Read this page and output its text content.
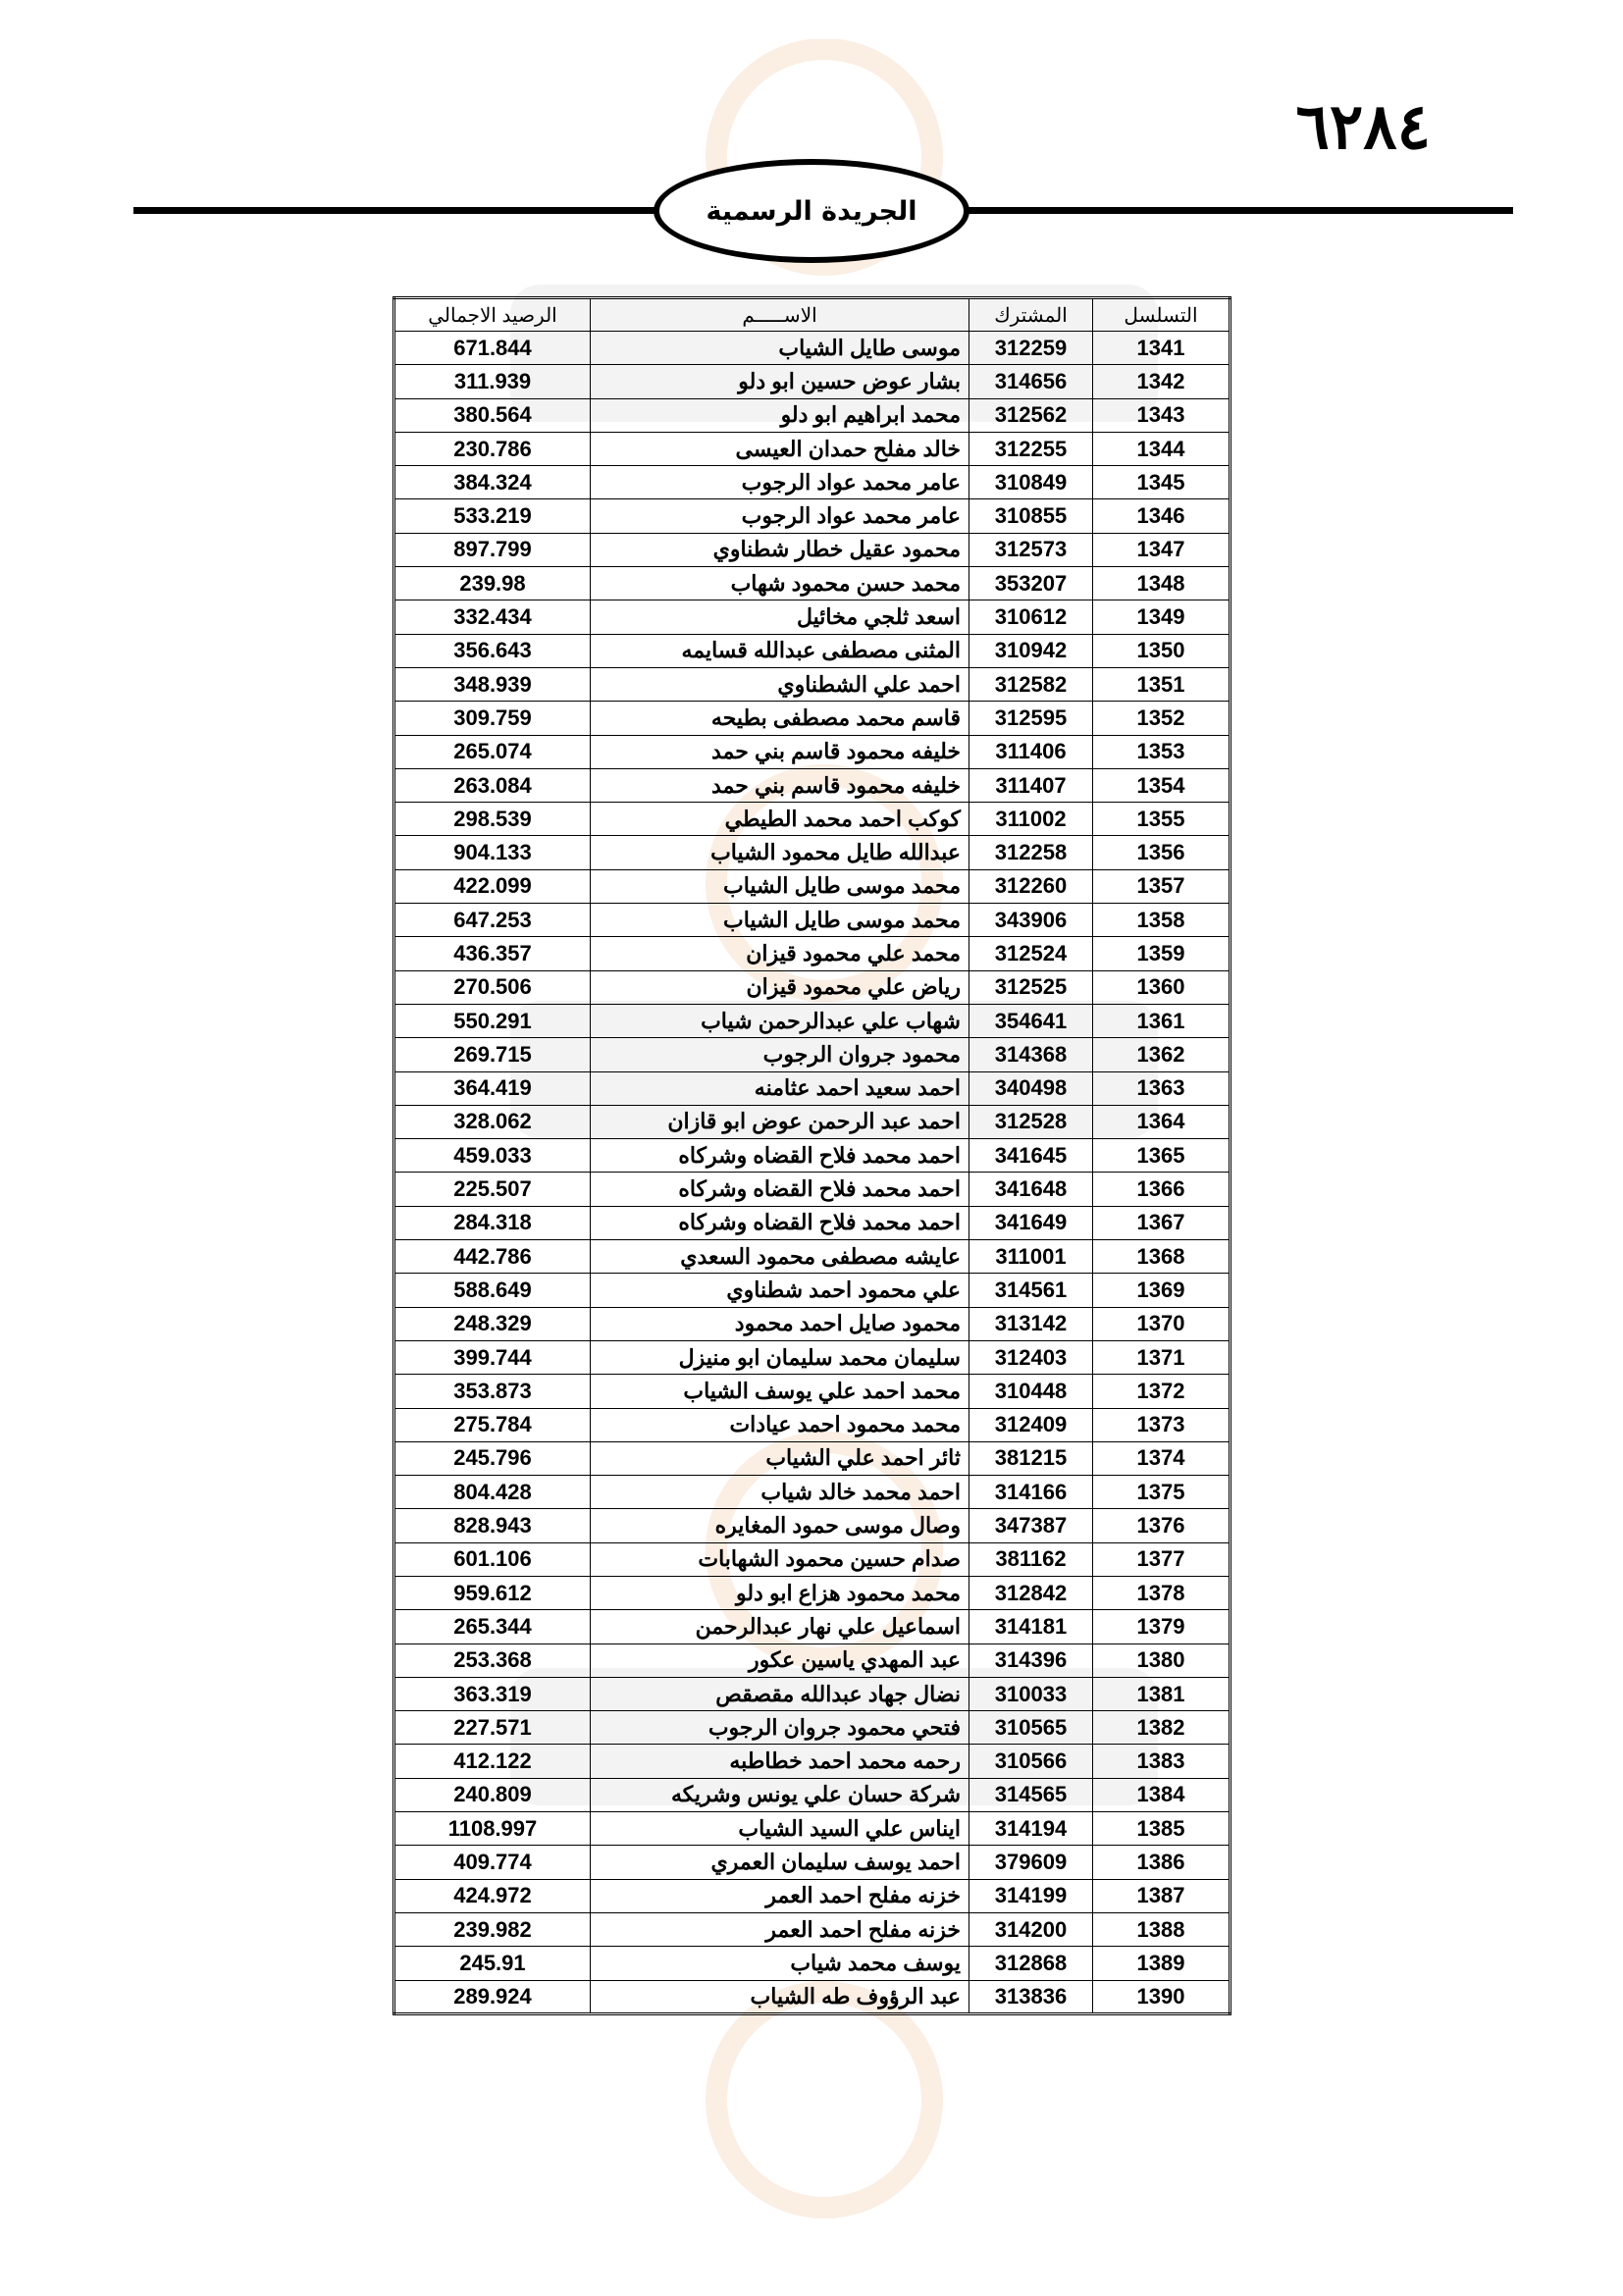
٦٢٨٤
الجريدة الرسمية
التسلسل	المشترك	الاســـــم	الرصيد الاجمالي
1341	312259	موسى طايل الشياب	671.844
1342	314656	بشار عوض حسين ابو دلو	311.939
1343	312562	محمد ابراهيم ابو دلو	380.564
1344	312255	خالد مفلح حمدان العيسى	230.786
1345	310849	عامر محمد عواد الرجوب	384.324
1346	310855	عامر محمد عواد الرجوب	533.219
1347	312573	محمود عقيل خطار شطناوي	897.799
1348	353207	محمد حسن محمود شهاب	239.98
1349	310612	اسعد ثلجي مخائيل	332.434
1350	310942	المثنى مصطفى عبدالله قسايمه	356.643
1351	312582	احمد علي الشطناوي	348.939
1352	312595	قاسم محمد مصطفى بطيحه	309.759
1353	311406	خليفه محمود قاسم بني حمد	265.074
1354	311407	خليفه محمود قاسم بني حمد	263.084
1355	311002	كوكب احمد محمد الطيطي	298.539
1356	312258	عبدالله طايل محمود الشياب	904.133
1357	312260	محمد موسى طايل الشياب	422.099
1358	343906	محمد موسى طايل الشياب	647.253
1359	312524	محمد علي محمود قيزان	436.357
1360	312525	رياض علي محمود قيزان	270.506
1361	354641	شهاب علي عبدالرحمن شياب	550.291
1362	314368	محمود جروان الرجوب	269.715
1363	340498	احمد سعيد احمد عثامنه	364.419
1364	312528	احمد عبد الرحمن عوض ابو قازان	328.062
1365	341645	احمد محمد فلاح القضاه وشركاه	459.033
1366	341648	احمد محمد فلاح القضاه وشركاه	225.507
1367	341649	احمد محمد فلاح القضاه وشركاه	284.318
1368	311001	عايشه مصطفى محمود السعدي	442.786
1369	314561	علي محمود احمد شطناوي	588.649
1370	313142	محمود صايل احمد محمود	248.329
1371	312403	سليمان محمد سليمان ابو منيزل	399.744
1372	310448	محمد احمد علي يوسف الشياب	353.873
1373	312409	محمد محمود احمد عيادات	275.784
1374	381215	ثائر احمد علي الشياب	245.796
1375	314166	احمد محمد خالد شياب	804.428
1376	347387	وصال موسى حمود المغايره	828.943
1377	381162	صدام حسين محمود الشهابات	601.106
1378	312842	محمد محمود هزاع ابو دلو	959.612
1379	314181	اسماعيل علي نهار عبدالرحمن	265.344
1380	314396	عبد المهدي ياسين عكور	253.368
1381	310033	نضال جهاد عبدالله مقصقص	363.319
1382	310565	فتحي محمود جروان الرجوب	227.571
1383	310566	رحمه محمد احمد خطاطبه	412.122
1384	314565	شركة حسان علي يونس وشريكه	240.809
1385	314194	ايناس علي السيد الشياب	1108.997
1386	379609	احمد يوسف سليمان العمري	409.774
1387	314199	خزنه مفلح احمد العمر	424.972
1388	314200	خزنه مفلح احمد العمر	239.982
1389	312868	يوسف محمد شياب	245.91
1390	313836	عبد الرؤوف طه الشياب	289.924
